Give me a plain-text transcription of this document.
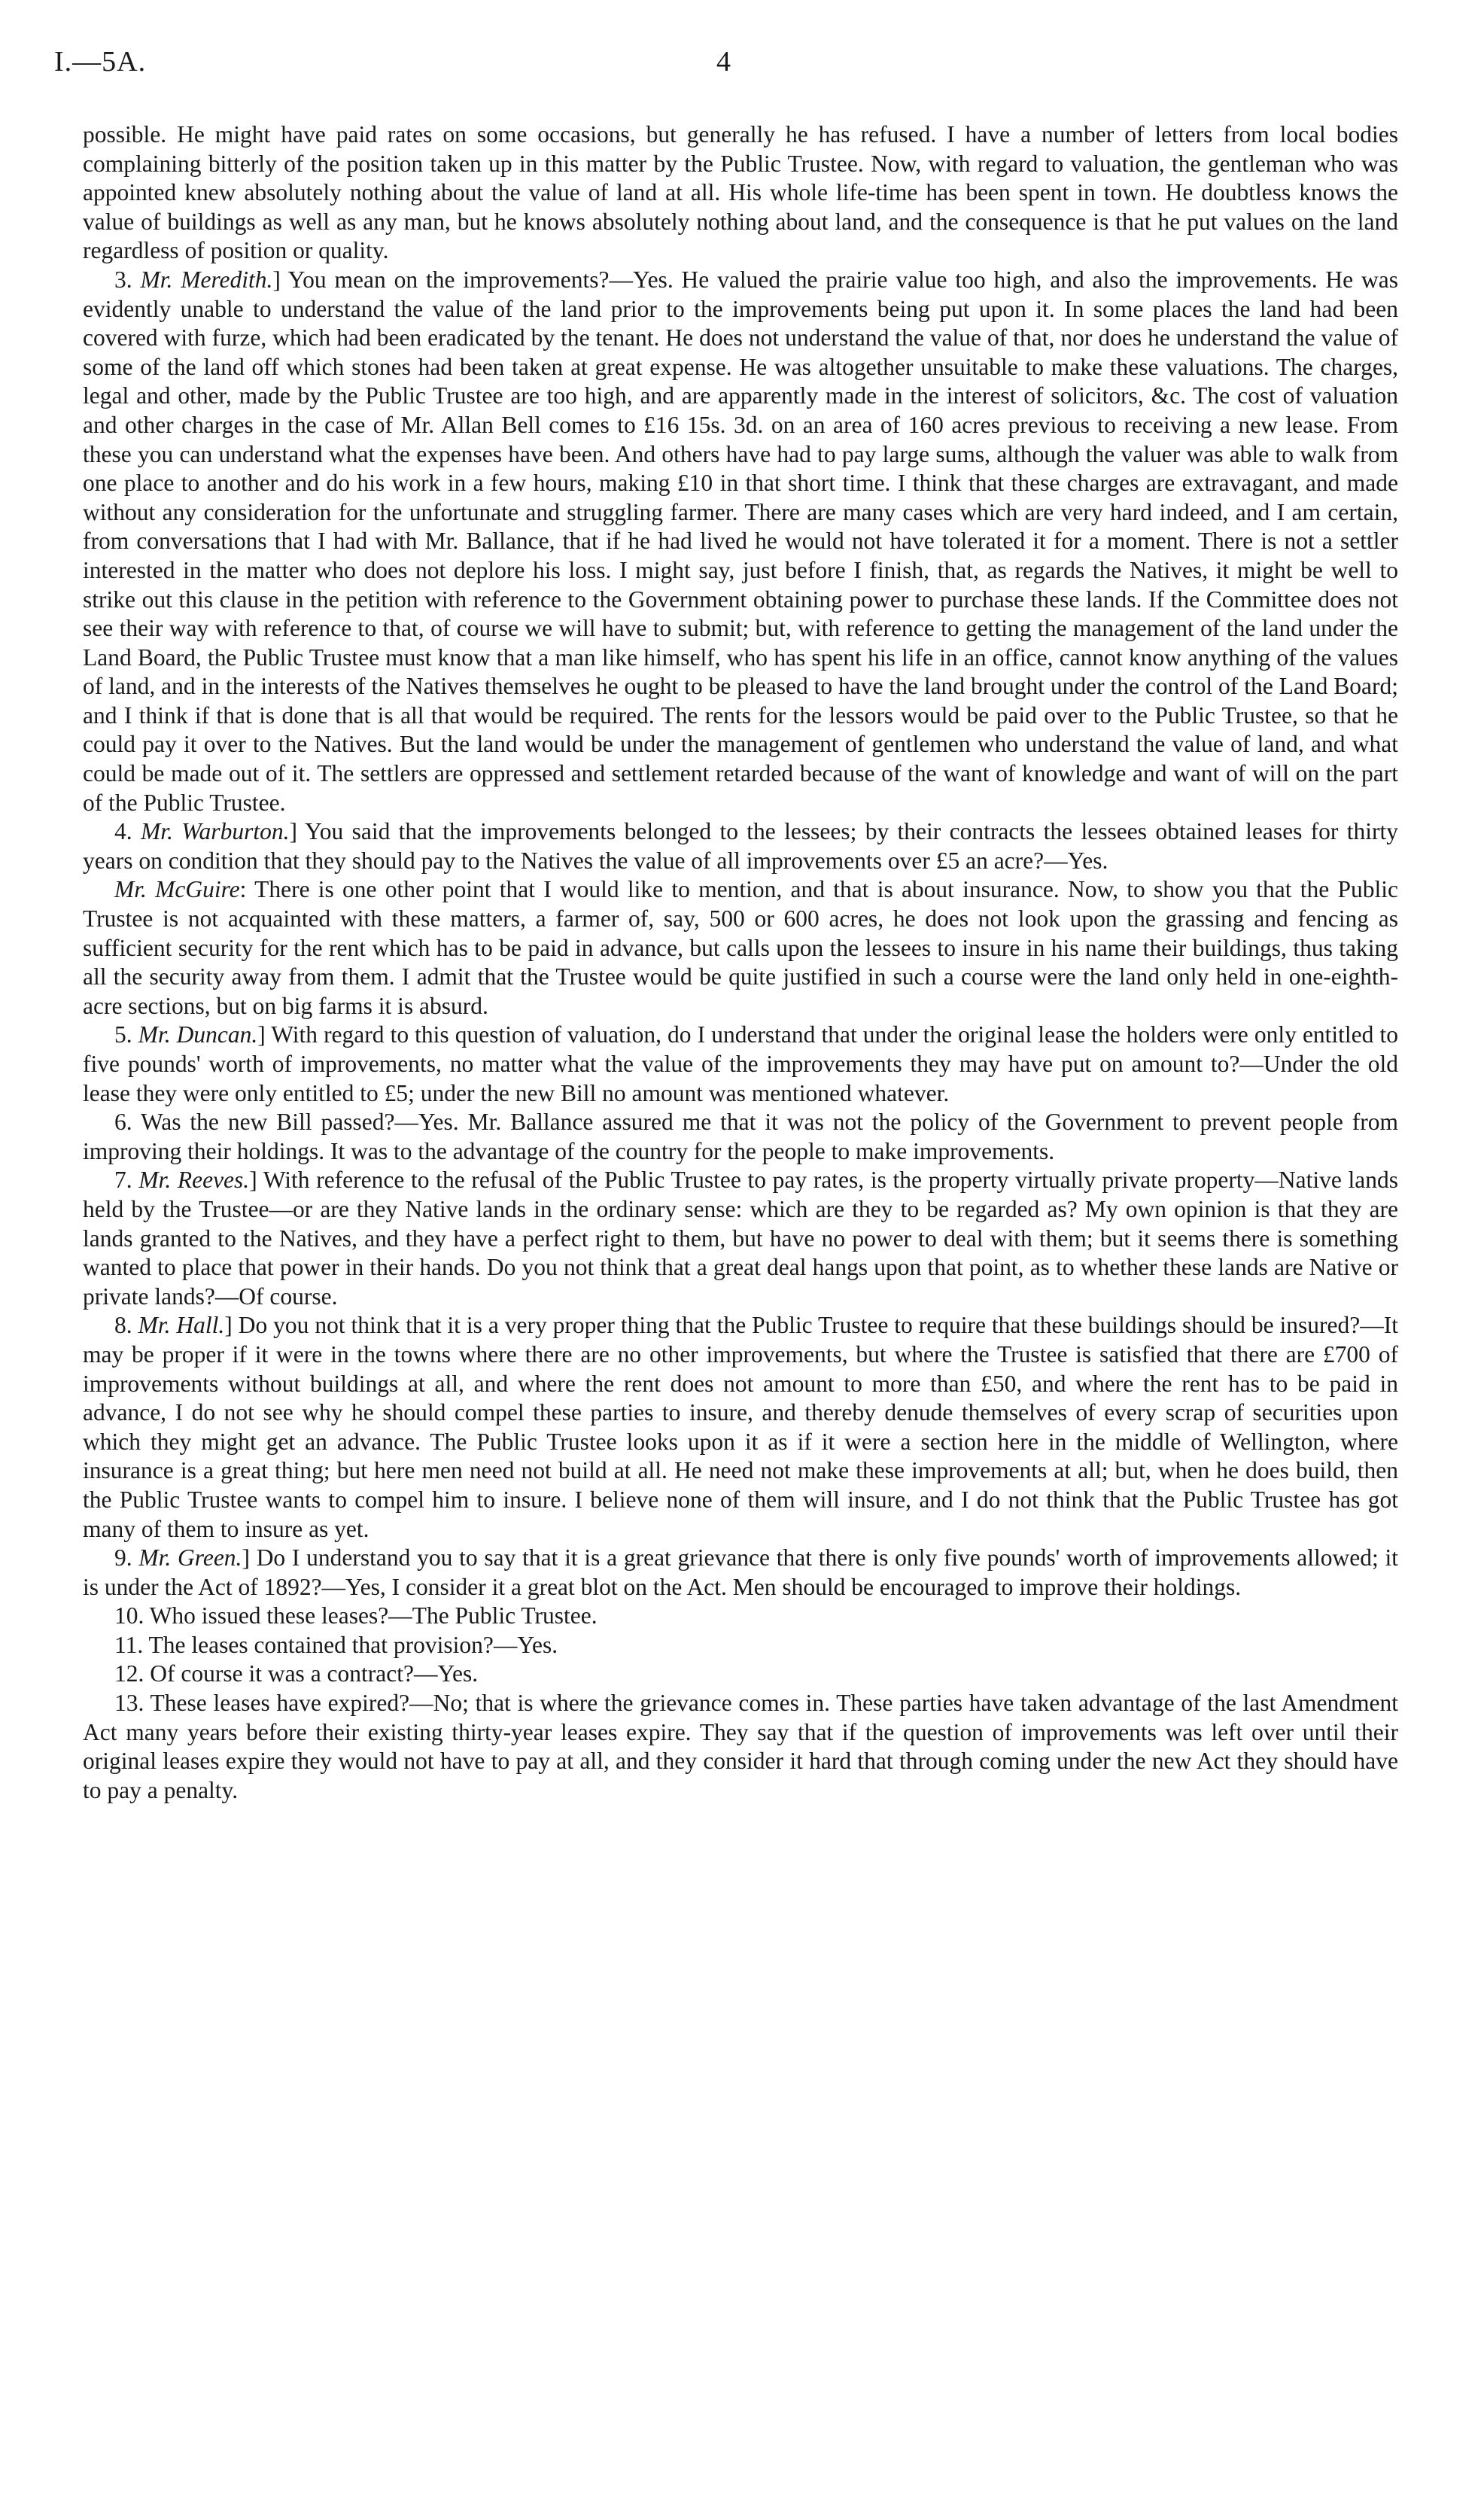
I.—5A.	4

possible. He might have paid rates on some occasions, but generally he has refused. I have a number of letters from local bodies complaining bitterly of the position taken up in this matter by the Public Trustee. Now, with regard to valuation, the gentleman who was appointed knew absolutely nothing about the value of land at all. His whole life-time has been spent in town. He doubtless knows the value of buildings as well as any man, but he knows absolutely nothing about land, and the consequence is that he put values on the land regardless of position or quality.

3. Mr. Meredith.] You mean on the improvements?—Yes. He valued the prairie value too high, and also the improvements. He was evidently unable to understand the value of the land prior to the improvements being put upon it. In some places the land had been covered with furze, which had been eradicated by the tenant. He does not understand the value of that, nor does he understand the value of some of the land off which stones had been taken at great expense. He was altogether unsuitable to make these valuations. The charges, legal and other, made by the Public Trustee are too high, and are apparently made in the interest of solicitors, &c. The cost of valuation and other charges in the case of Mr. Allan Bell comes to £16 15s. 3d. on an area of 160 acres previous to receiving a new lease. From these you can understand what the expenses have been. And others have had to pay large sums, although the valuer was able to walk from one place to another and do his work in a few hours, making £10 in that short time. I think that these charges are extravagant, and made without any consideration for the unfortunate and struggling farmer. There are many cases which are very hard indeed, and I am certain, from conversations that I had with Mr. Ballance, that if he had lived he would not have tolerated it for a moment. There is not a settler interested in the matter who does not deplore his loss. I might say, just before I finish, that, as regards the Natives, it might be well to strike out this clause in the petition with reference to the Government obtaining power to purchase these lands. If the Committee does not see their way with reference to that, of course we will have to submit; but, with reference to getting the management of the land under the Land Board, the Public Trustee must know that a man like himself, who has spent his life in an office, cannot know anything of the values of land, and in the interests of the Natives themselves he ought to be pleased to have the land brought under the control of the Land Board; and I think if that is done that is all that would be required. The rents for the lessors would be paid over to the Public Trustee, so that he could pay it over to the Natives. But the land would be under the management of gentlemen who understand the value of land, and what could be made out of it. The settlers are oppressed and settlement retarded because of the want of knowledge and want of will on the part of the Public Trustee.

4. Mr. Warburton.] You said that the improvements belonged to the lessees; by their contracts the lessees obtained leases for thirty years on condition that they should pay to the Natives the value of all improvements over £5 an acre?—Yes.

Mr. McGuire: There is one other point that I would like to mention, and that is about insurance. Now, to show you that the Public Trustee is not acquainted with these matters, a farmer of, say, 500 or 600 acres, he does not look upon the grassing and fencing as sufficient security for the rent which has to be paid in advance, but calls upon the lessees to insure in his name their buildings, thus taking all the security away from them. I admit that the Trustee would be quite justified in such a course were the land only held in one-eighth-acre sections, but on big farms it is absurd.

5. Mr. Duncan.] With regard to this question of valuation, do I understand that under the original lease the holders were only entitled to five pounds' worth of improvements, no matter what the value of the improvements they may have put on amount to?—Under the old lease they were only entitled to £5; under the new Bill no amount was mentioned whatever.

6. Was the new Bill passed?—Yes. Mr. Ballance assured me that it was not the policy of the Government to prevent people from improving their holdings. It was to the advantage of the country for the people to make improvements.

7. Mr. Reeves.] With reference to the refusal of the Public Trustee to pay rates, is the property virtually private property—Native lands held by the Trustee—or are they Native lands in the ordinary sense: which are they to be regarded as? My own opinion is that they are lands granted to the Natives, and they have a perfect right to them, but have no power to deal with them; but it seems there is something wanted to place that power in their hands. Do you not think that a great deal hangs upon that point, as to whether these lands are Native or private lands?—Of course.

8. Mr. Hall.] Do you not think that it is a very proper thing that the Public Trustee to require that these buildings should be insured?—It may be proper if it were in the towns where there are no other improvements, but where the Trustee is satisfied that there are £700 of improvements without buildings at all, and where the rent does not amount to more than £50, and where the rent has to be paid in advance, I do not see why he should compel these parties to insure, and thereby denude themselves of every scrap of securities upon which they might get an advance. The Public Trustee looks upon it as if it were a section here in the middle of Wellington, where insurance is a great thing; but here men need not build at all. He need not make these improvements at all; but, when he does build, then the Public Trustee wants to compel him to insure. I believe none of them will insure, and I do not think that the Public Trustee has got many of them to insure as yet.

9. Mr. Green.] Do I understand you to say that it is a great grievance that there is only five pounds' worth of improvements allowed; it is under the Act of 1892?—Yes, I consider it a great blot on the Act. Men should be encouraged to improve their holdings.

10. Who issued these leases?—The Public Trustee.

11. The leases contained that provision?—Yes.

12. Of course it was a contract?—Yes.

13. These leases have expired?—No; that is where the grievance comes in. These parties have taken advantage of the last Amendment Act many years before their existing thirty-year leases expire. They say that if the question of improvements was left over until their original leases expire they would not have to pay at all, and they consider it hard that through coming under the new Act they should have to pay a penalty.
